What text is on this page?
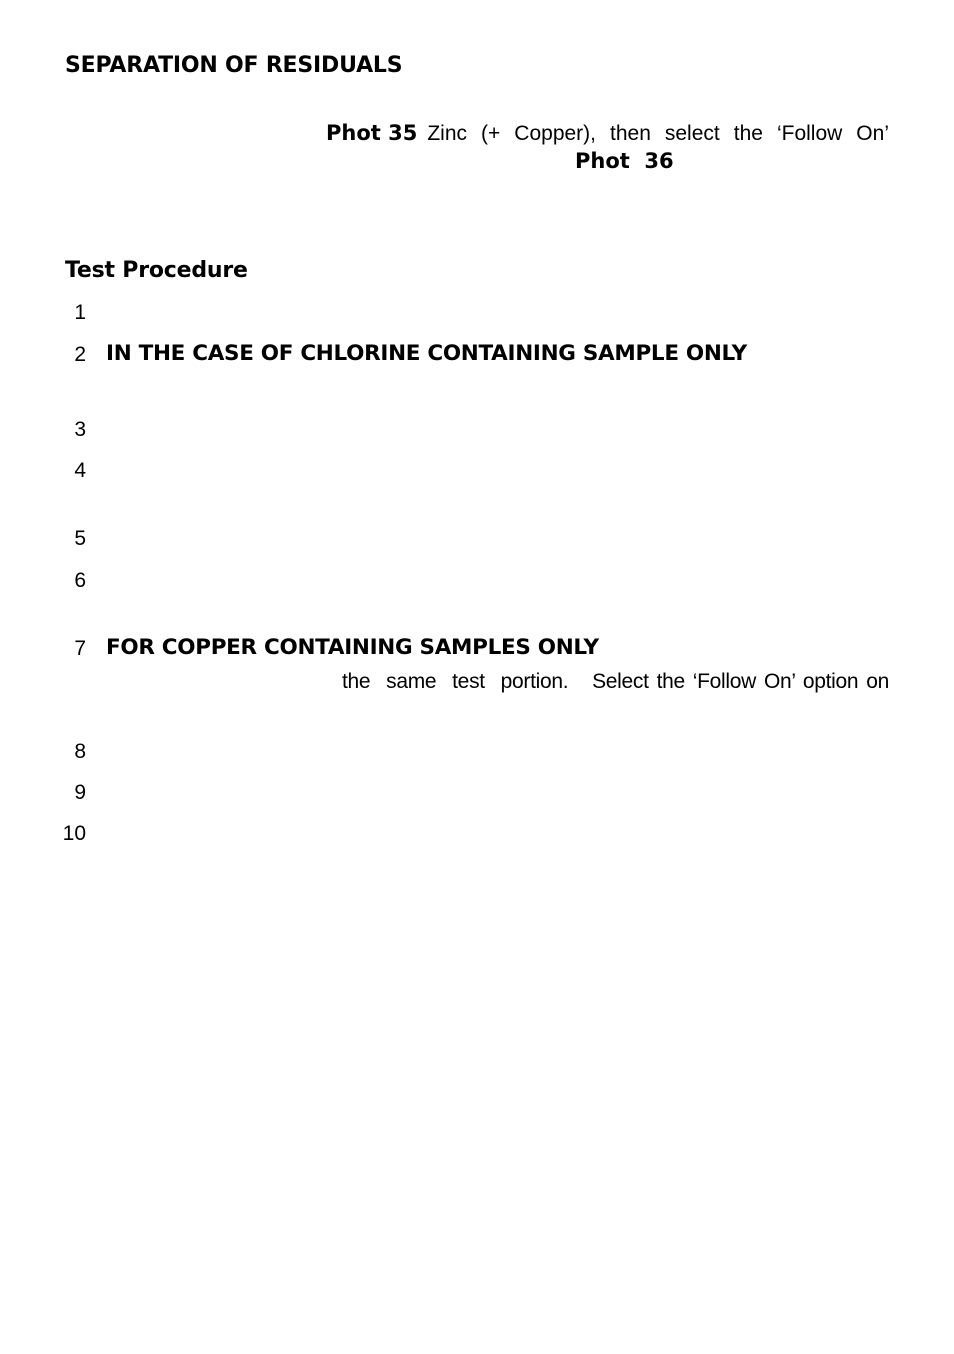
SEPARATION OF RESIDUALS
Phot 35 Zinc (+ Copper), then select the ‘Follow On’
Phot  36
Test Procedure
1
2 IN THE CASE OF CHLORINE CONTAINING SAMPLE ONLY
3
4
5
6
7 FOR COPPER CONTAINING SAMPLES ONLY
the  same  test  portion.   Select the ‘Follow On’ option on
8
9
10
